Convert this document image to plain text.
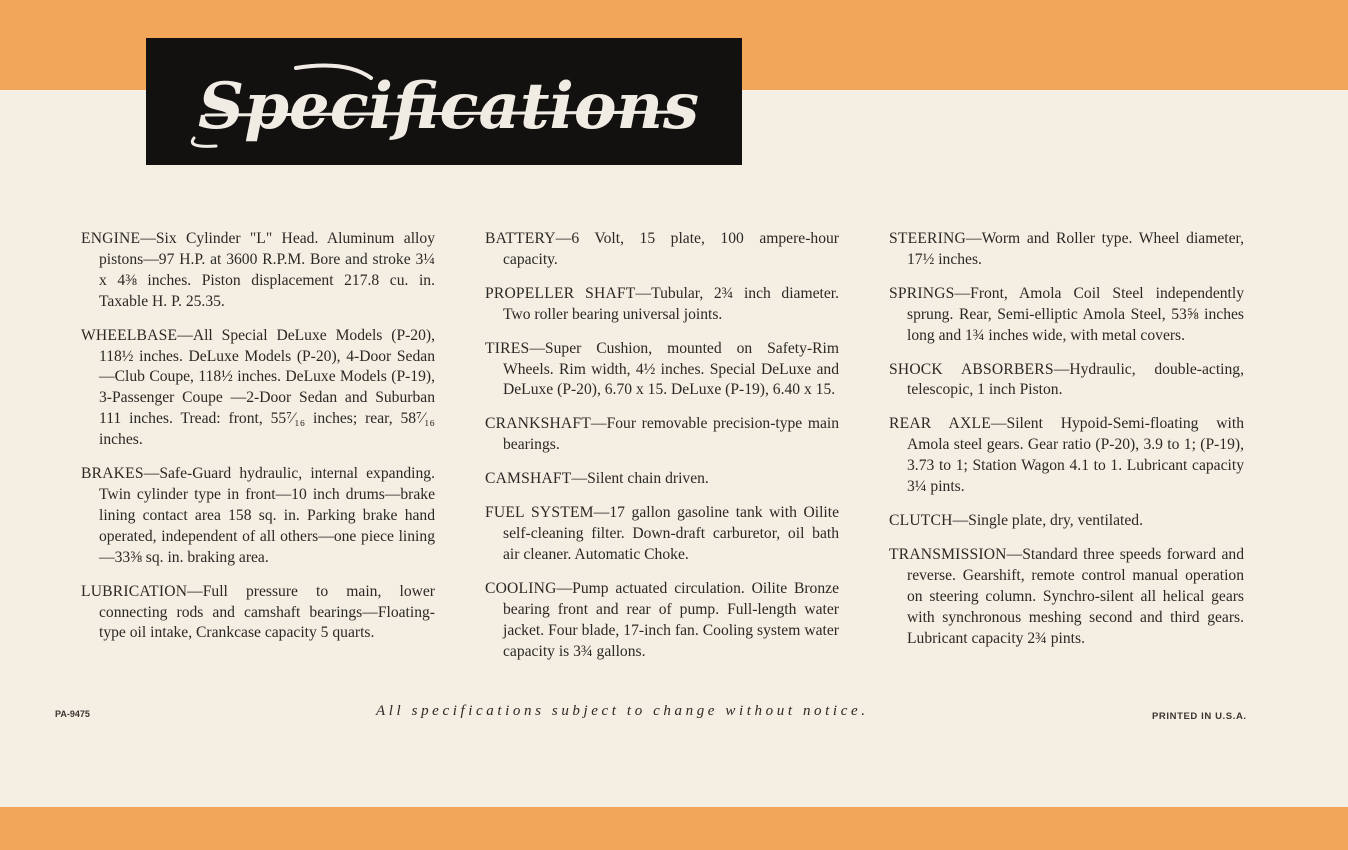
Specifications

ENGINE—Six Cylinder "L" Head. Aluminum alloy pistons—97 H.P. at 3600 R.P.M. Bore and stroke 3¼ x 4⅜ inches. Piston displacement 217.8 cu. in. Taxable H. P. 25.35.

WHEELBASE—All Special DeLuxe Models (P-20), 118½ inches. DeLuxe Models (P-20), 4-Door Sedan—Club Coupe, 118½ inches. DeLuxe Models (P-19), 3-Passenger Coupe —2-Door Sedan and Suburban 111 inches. Tread: front, 55⁷⁄₁₆ inches; rear, 58⁷⁄₁₆ inches.

BRAKES—Safe-Guard hydraulic, internal expanding. Twin cylinder type in front—10 inch drums—brake lining contact area 158 sq. in. Parking brake hand operated, independent of all others—one piece lining—33⅜ sq. in. braking area.

LUBRICATION—Full pressure to main, lower connecting rods and camshaft bearings—Floating-type oil intake, Crankcase capacity 5 quarts.

BATTERY—6 Volt, 15 plate, 100 ampere-hour capacity.

PROPELLER SHAFT—Tubular, 2¾ inch diameter. Two roller bearing universal joints.

TIRES—Super Cushion, mounted on Safety-Rim Wheels. Rim width, 4½ inches. Special DeLuxe and DeLuxe (P-20), 6.70 x 15. DeLuxe (P-19), 6.40 x 15.

CRANKSHAFT—Four removable precision-type main bearings.

CAMSHAFT—Silent chain driven.

FUEL SYSTEM—17 gallon gasoline tank with Oilite self-cleaning filter. Down-draft carburetor, oil bath air cleaner. Automatic Choke.

COOLING—Pump actuated circulation. Oilite Bronze bearing front and rear of pump. Full-length water jacket. Four blade, 17-inch fan. Cooling system water capacity is 3¾ gallons.

STEERING—Worm and Roller type. Wheel diameter, 17½ inches.

SPRINGS—Front, Amola Coil Steel independently sprung. Rear, Semi-elliptic Amola Steel, 53⅝ inches long and 1¾ inches wide, with metal covers.

SHOCK ABSORBERS—Hydraulic, double-acting, telescopic, 1 inch Piston.

REAR AXLE—Silent Hypoid-Semi-floating with Amola steel gears. Gear ratio (P-20), 3.9 to 1; (P-19), 3.73 to 1; Station Wagon 4.1 to 1. Lubricant capacity 3¼ pints.

CLUTCH—Single plate, dry, ventilated.

TRANSMISSION—Standard three speeds forward and reverse. Gearshift, remote control manual operation on steering column. Synchro-silent all helical gears with synchronous meshing second and third gears. Lubricant capacity 2¾ pints.

PA-9475	All specifications subject to change without notice.	PRINTED IN U.S.A.
